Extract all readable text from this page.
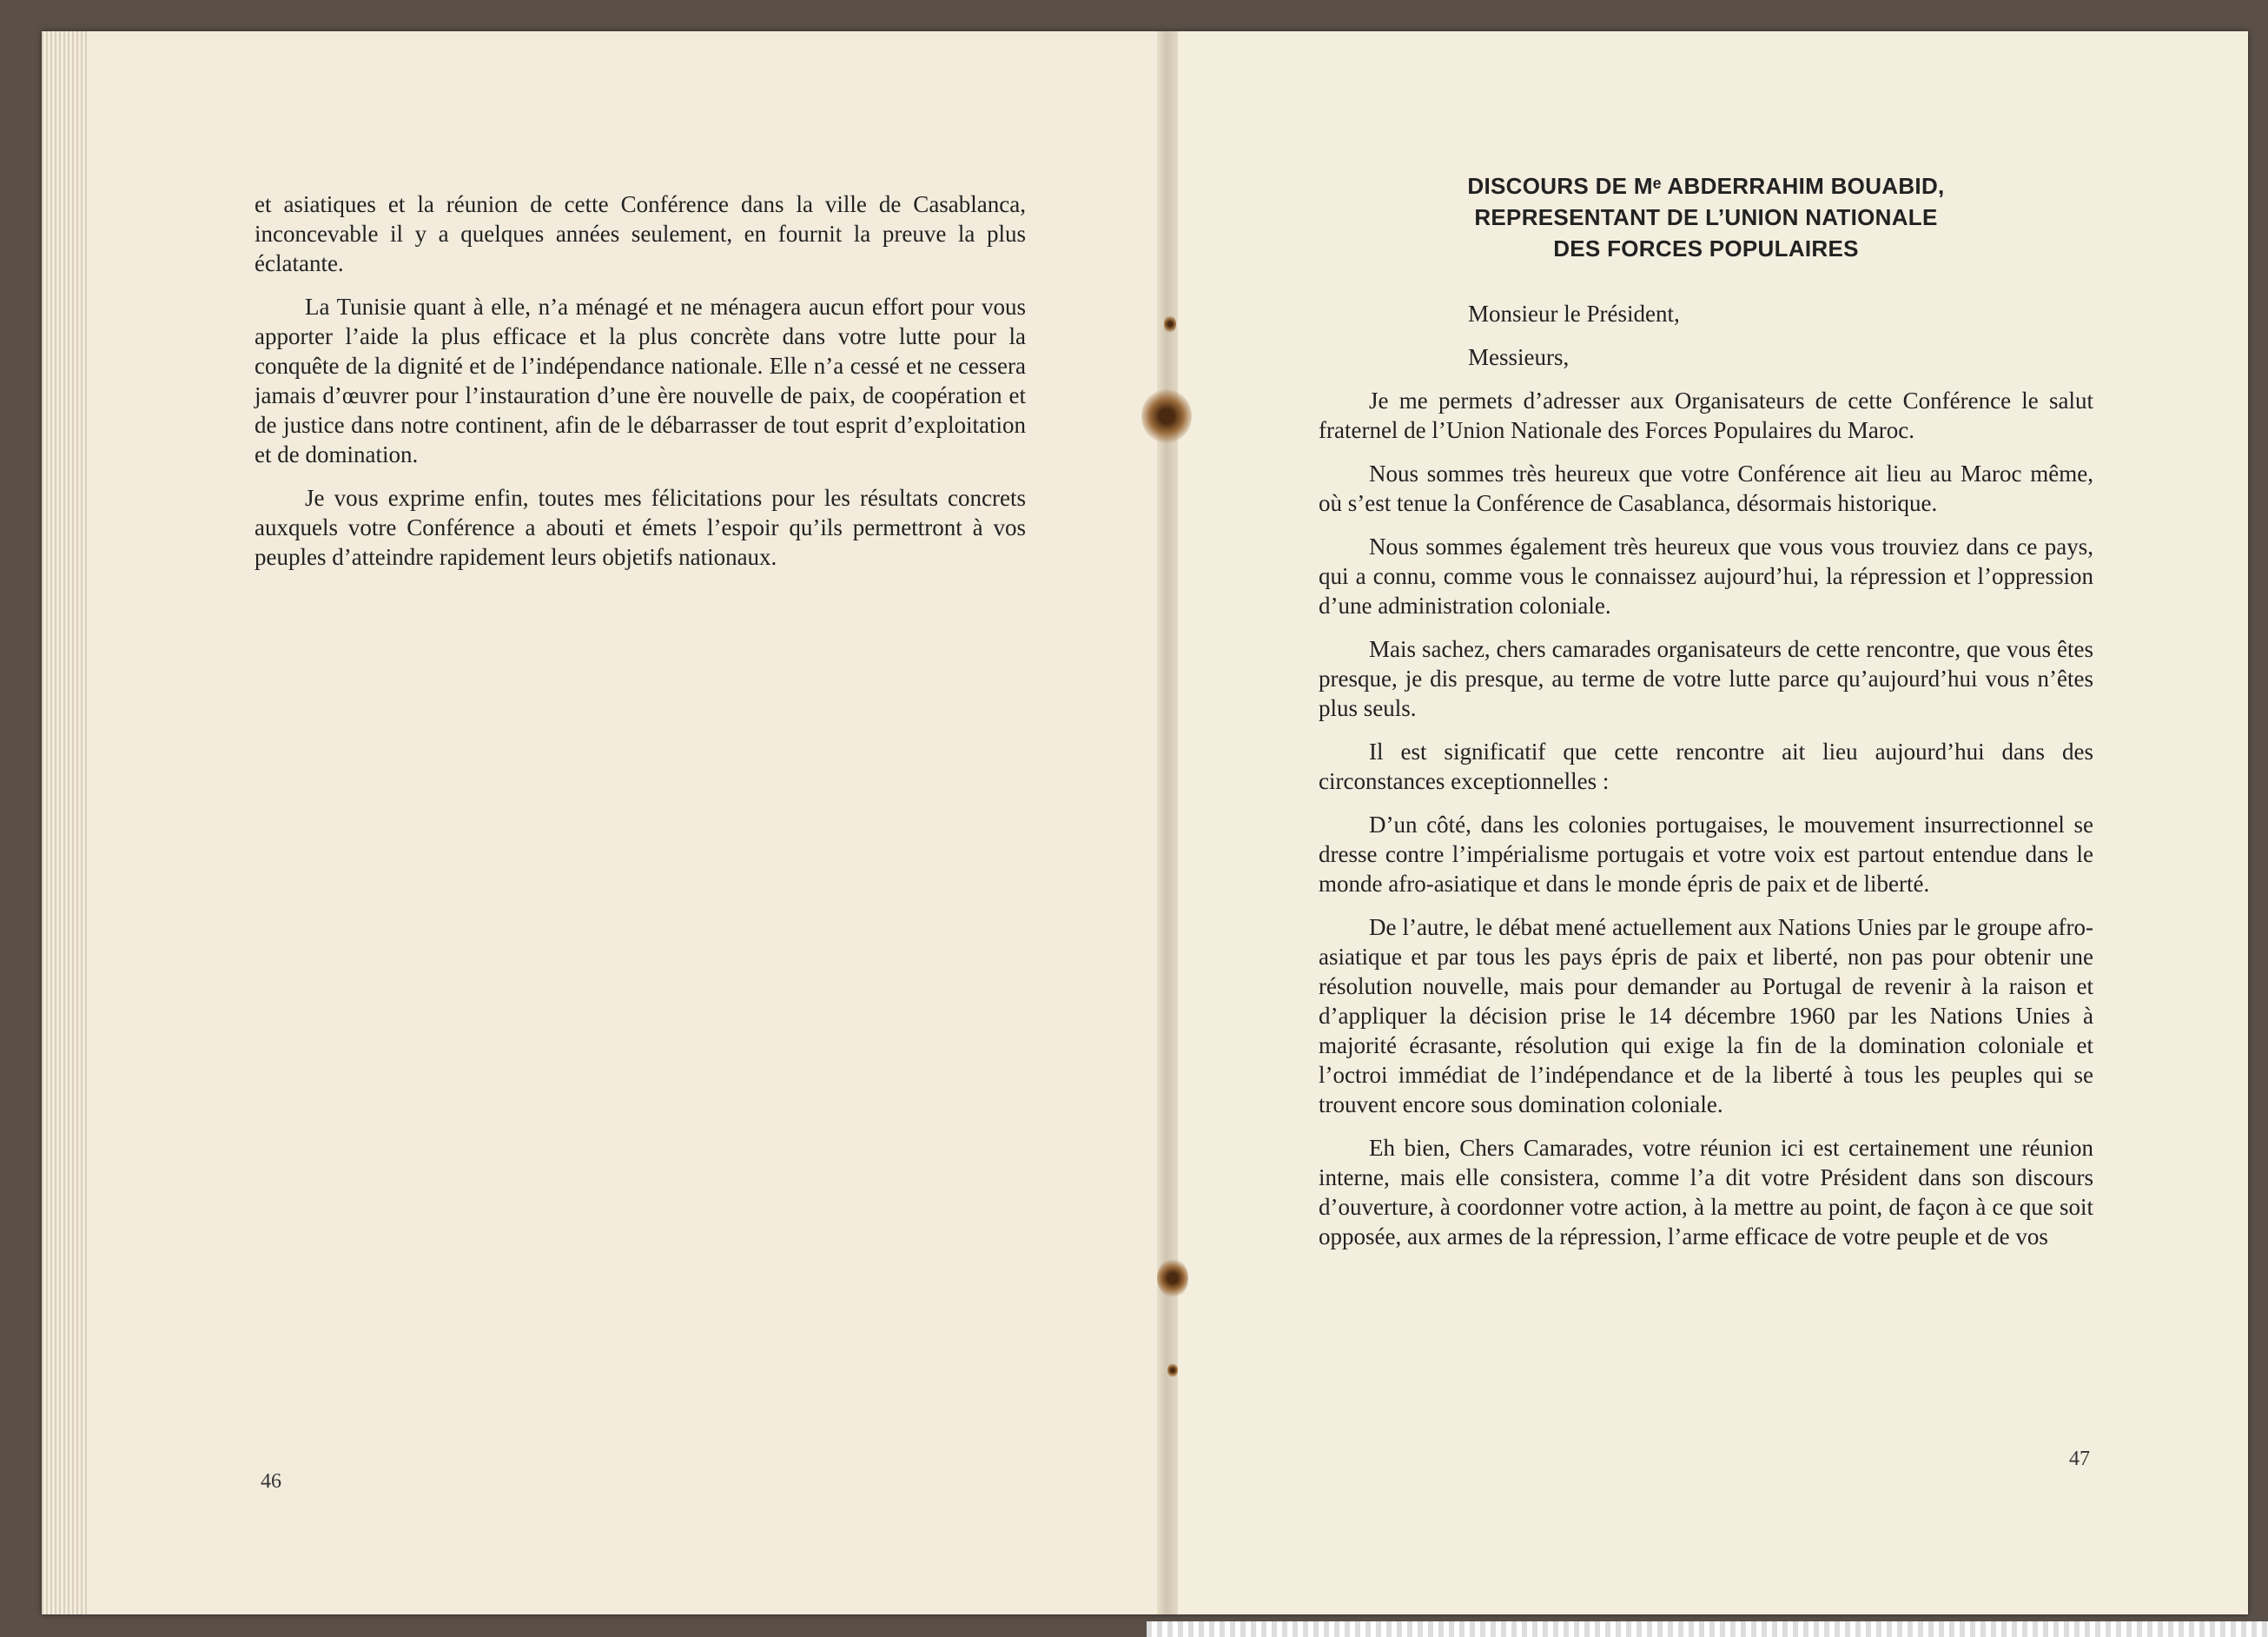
et asiatiques et la réunion de cette Conférence dans la ville de Casablanca, inconcevable il y a quelques années seulement, en fournit la preuve la plus éclatante.

La Tunisie quant à elle, n’a ménagé et ne ménagera aucun effort pour vous apporter l’aide la plus efficace et la plus concrète dans votre lutte pour la conquête de la dignité et de l’indépendance nationale. Elle n’a cessé et ne cessera jamais d’œuvrer pour l’instauration d’une ère nouvelle de paix, de coopération et de justice dans notre continent, afin de le débarrasser de tout esprit d’exploitation et de domination.

Je vous exprime enfin, toutes mes félicitations pour les résultats concrets auxquels votre Conférence a abouti et émets l’espoir qu’ils permettront à vos peuples d’atteindre rapidement leurs objetifs nationaux.

46
DISCOURS DE Mᵉ ABDERRAHIM BOUABID,
REPRESENTANT DE L’UNION NATIONALE
DES FORCES POPULAIRES

Monsieur le Président,

Messieurs,

Je me permets d’adresser aux Organisateurs de cette Conférence le salut fraternel de l’Union Nationale des Forces Populaires du Maroc.

Nous sommes très heureux que votre Conférence ait lieu au Maroc même, où s’est tenue la Conférence de Casablanca, désormais historique.

Nous sommes également très heureux que vous vous trouviez dans ce pays, qui a connu, comme vous le connaissez aujourd’hui, la répression et l’oppression d’une administration coloniale.

Mais sachez, chers camarades organisateurs de cette rencontre, que vous êtes presque, je dis presque, au terme de votre lutte parce qu’aujourd’hui vous n’êtes plus seuls.

Il est significatif que cette rencontre ait lieu aujourd’hui dans des circonstances exceptionnelles :

D’un côté, dans les colonies portugaises, le mouvement insurrectionnel se dresse contre l’impérialisme portugais et votre voix est partout entendue dans le monde afro-asiatique et dans le monde épris de paix et de liberté.

De l’autre, le débat mené actuellement aux Nations Unies par le groupe afro-asiatique et par tous les pays épris de paix et liberté, non pas pour obtenir une résolution nouvelle, mais pour demander au Portugal de revenir à la raison et d’appliquer la décision prise le 14 décembre 1960 par les Nations Unies à majorité écrasante, résolution qui exige la fin de la domination coloniale et l’octroi immédiat de l’indépendance et de la liberté à tous les peuples qui se trouvent encore sous domination coloniale.

Eh bien, Chers Camarades, votre réunion ici est certainement une réunion interne, mais elle consistera, comme l’a dit votre Président dans son discours d’ouverture, à coordonner votre action, à la mettre au point, de façon à ce que soit opposée, aux armes de la répression, l’arme efficace de votre peuple et de vos

47
